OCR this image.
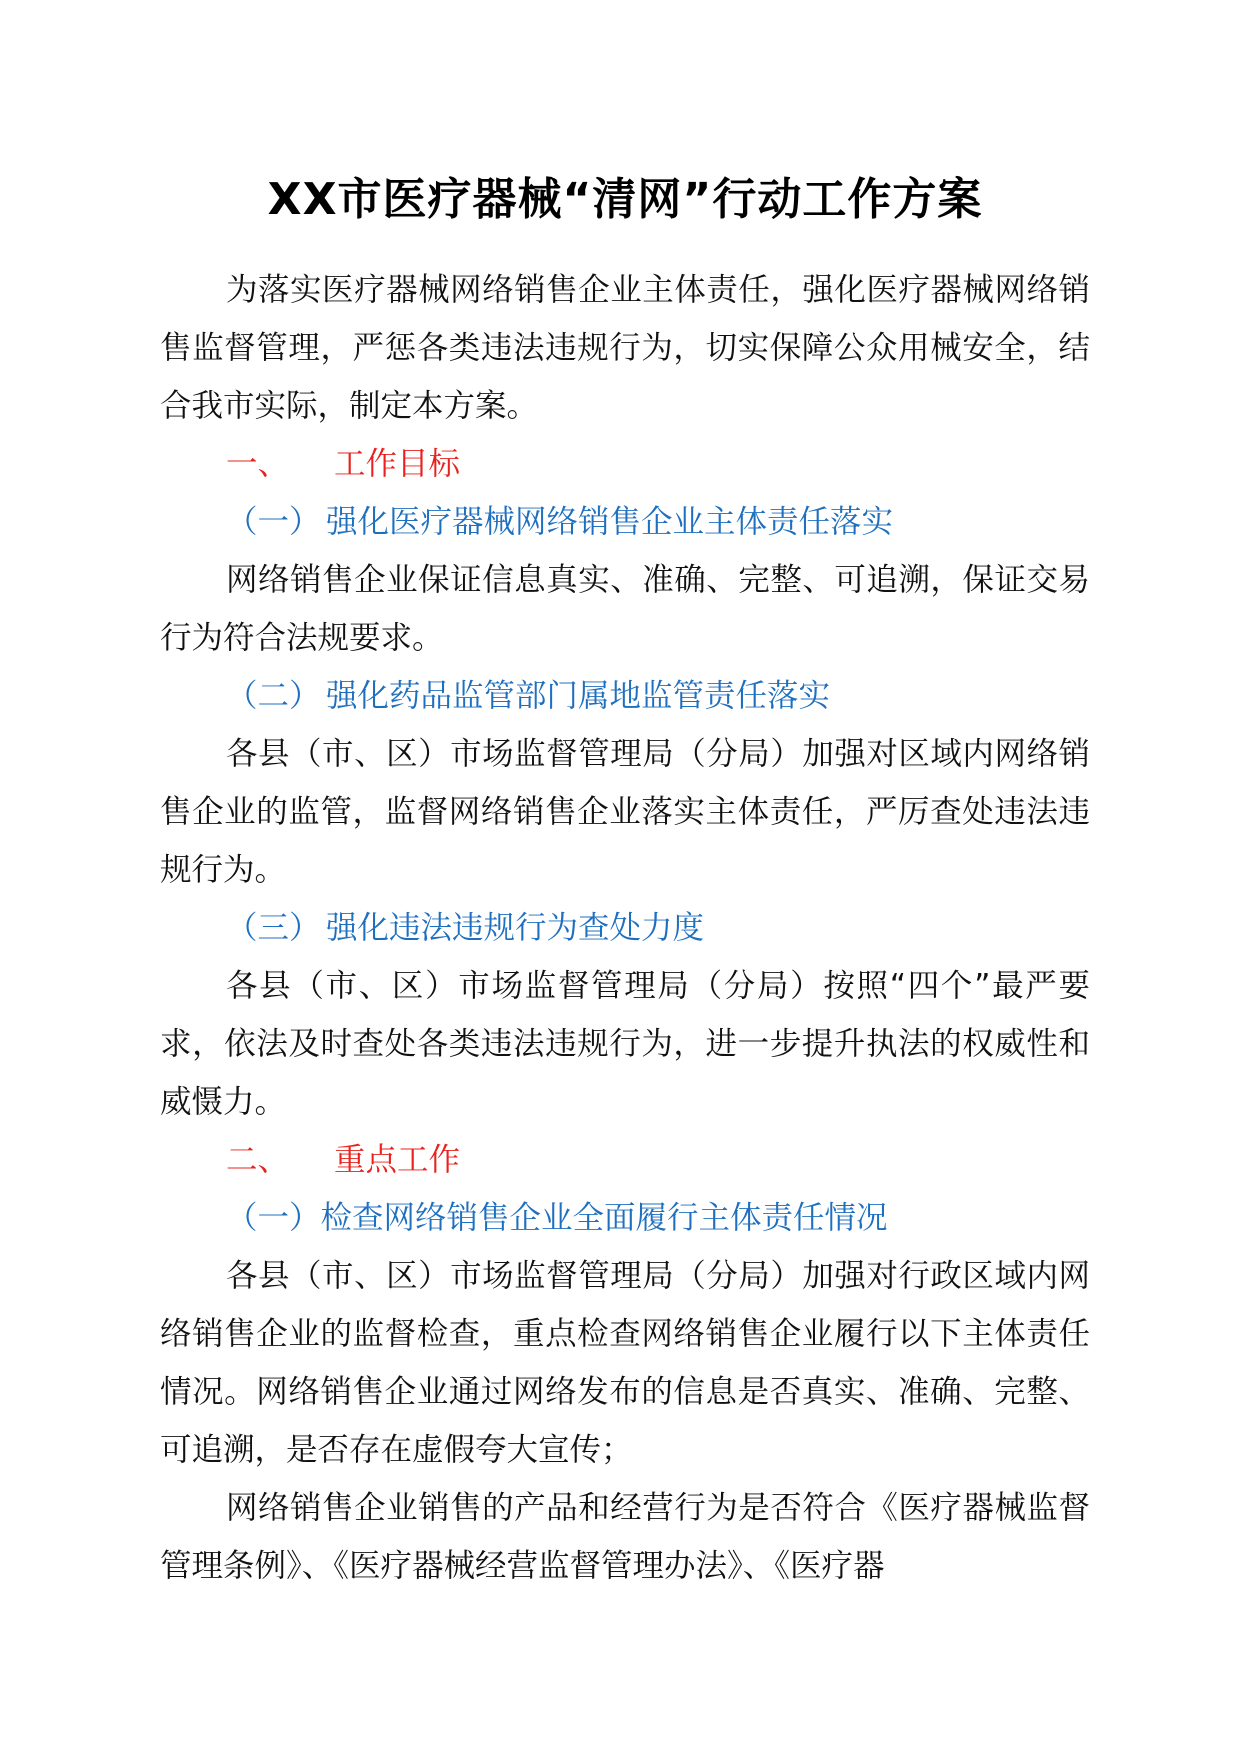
XX市医疗器械“清网”行动工作方案

为落实医疗器械网络销售企业主体责任，强化医疗器械网络销售监督管理，严惩各类违法违规行为，切实保障公众用械安全，结合我市实际，制定本方案。

一、 工作目标
（一） 强化医疗器械网络销售企业主体责任落实

网络销售企业保证信息真实、准确、完整、可追溯，保证交易行为符合法规要求。

（二） 强化药品监管部门属地监管责任落实

各县（市、区）市场监督管理局（分局）加强对区域内网络销售企业的监管，监督网络销售企业落实主体责任，严厉查处违法违规行为。

（三） 强化违法违规行为查处力度

各县（市、区）市场监督管理局（分局）按照“四个”最严要求，依法及时查处各类违法违规行为，进一步提升执法的权威性和威慑力。

二、 重点工作
（一）检查网络销售企业全面履行主体责任情况

各县（市、区）市场监督管理局（分局）加强对行政区域内网络销售企业的监督检查，重点检查网络销售企业履行以下主体责任情况。网络销售企业通过网络发布的信息是否真实、准确、完整、可追溯，是否存在虚假夸大宣传；

网络销售企业销售的产品和经营行为是否符合《医疗器械监督管理条例》、《医疗器械经营监督管理办法》、《医疗器
